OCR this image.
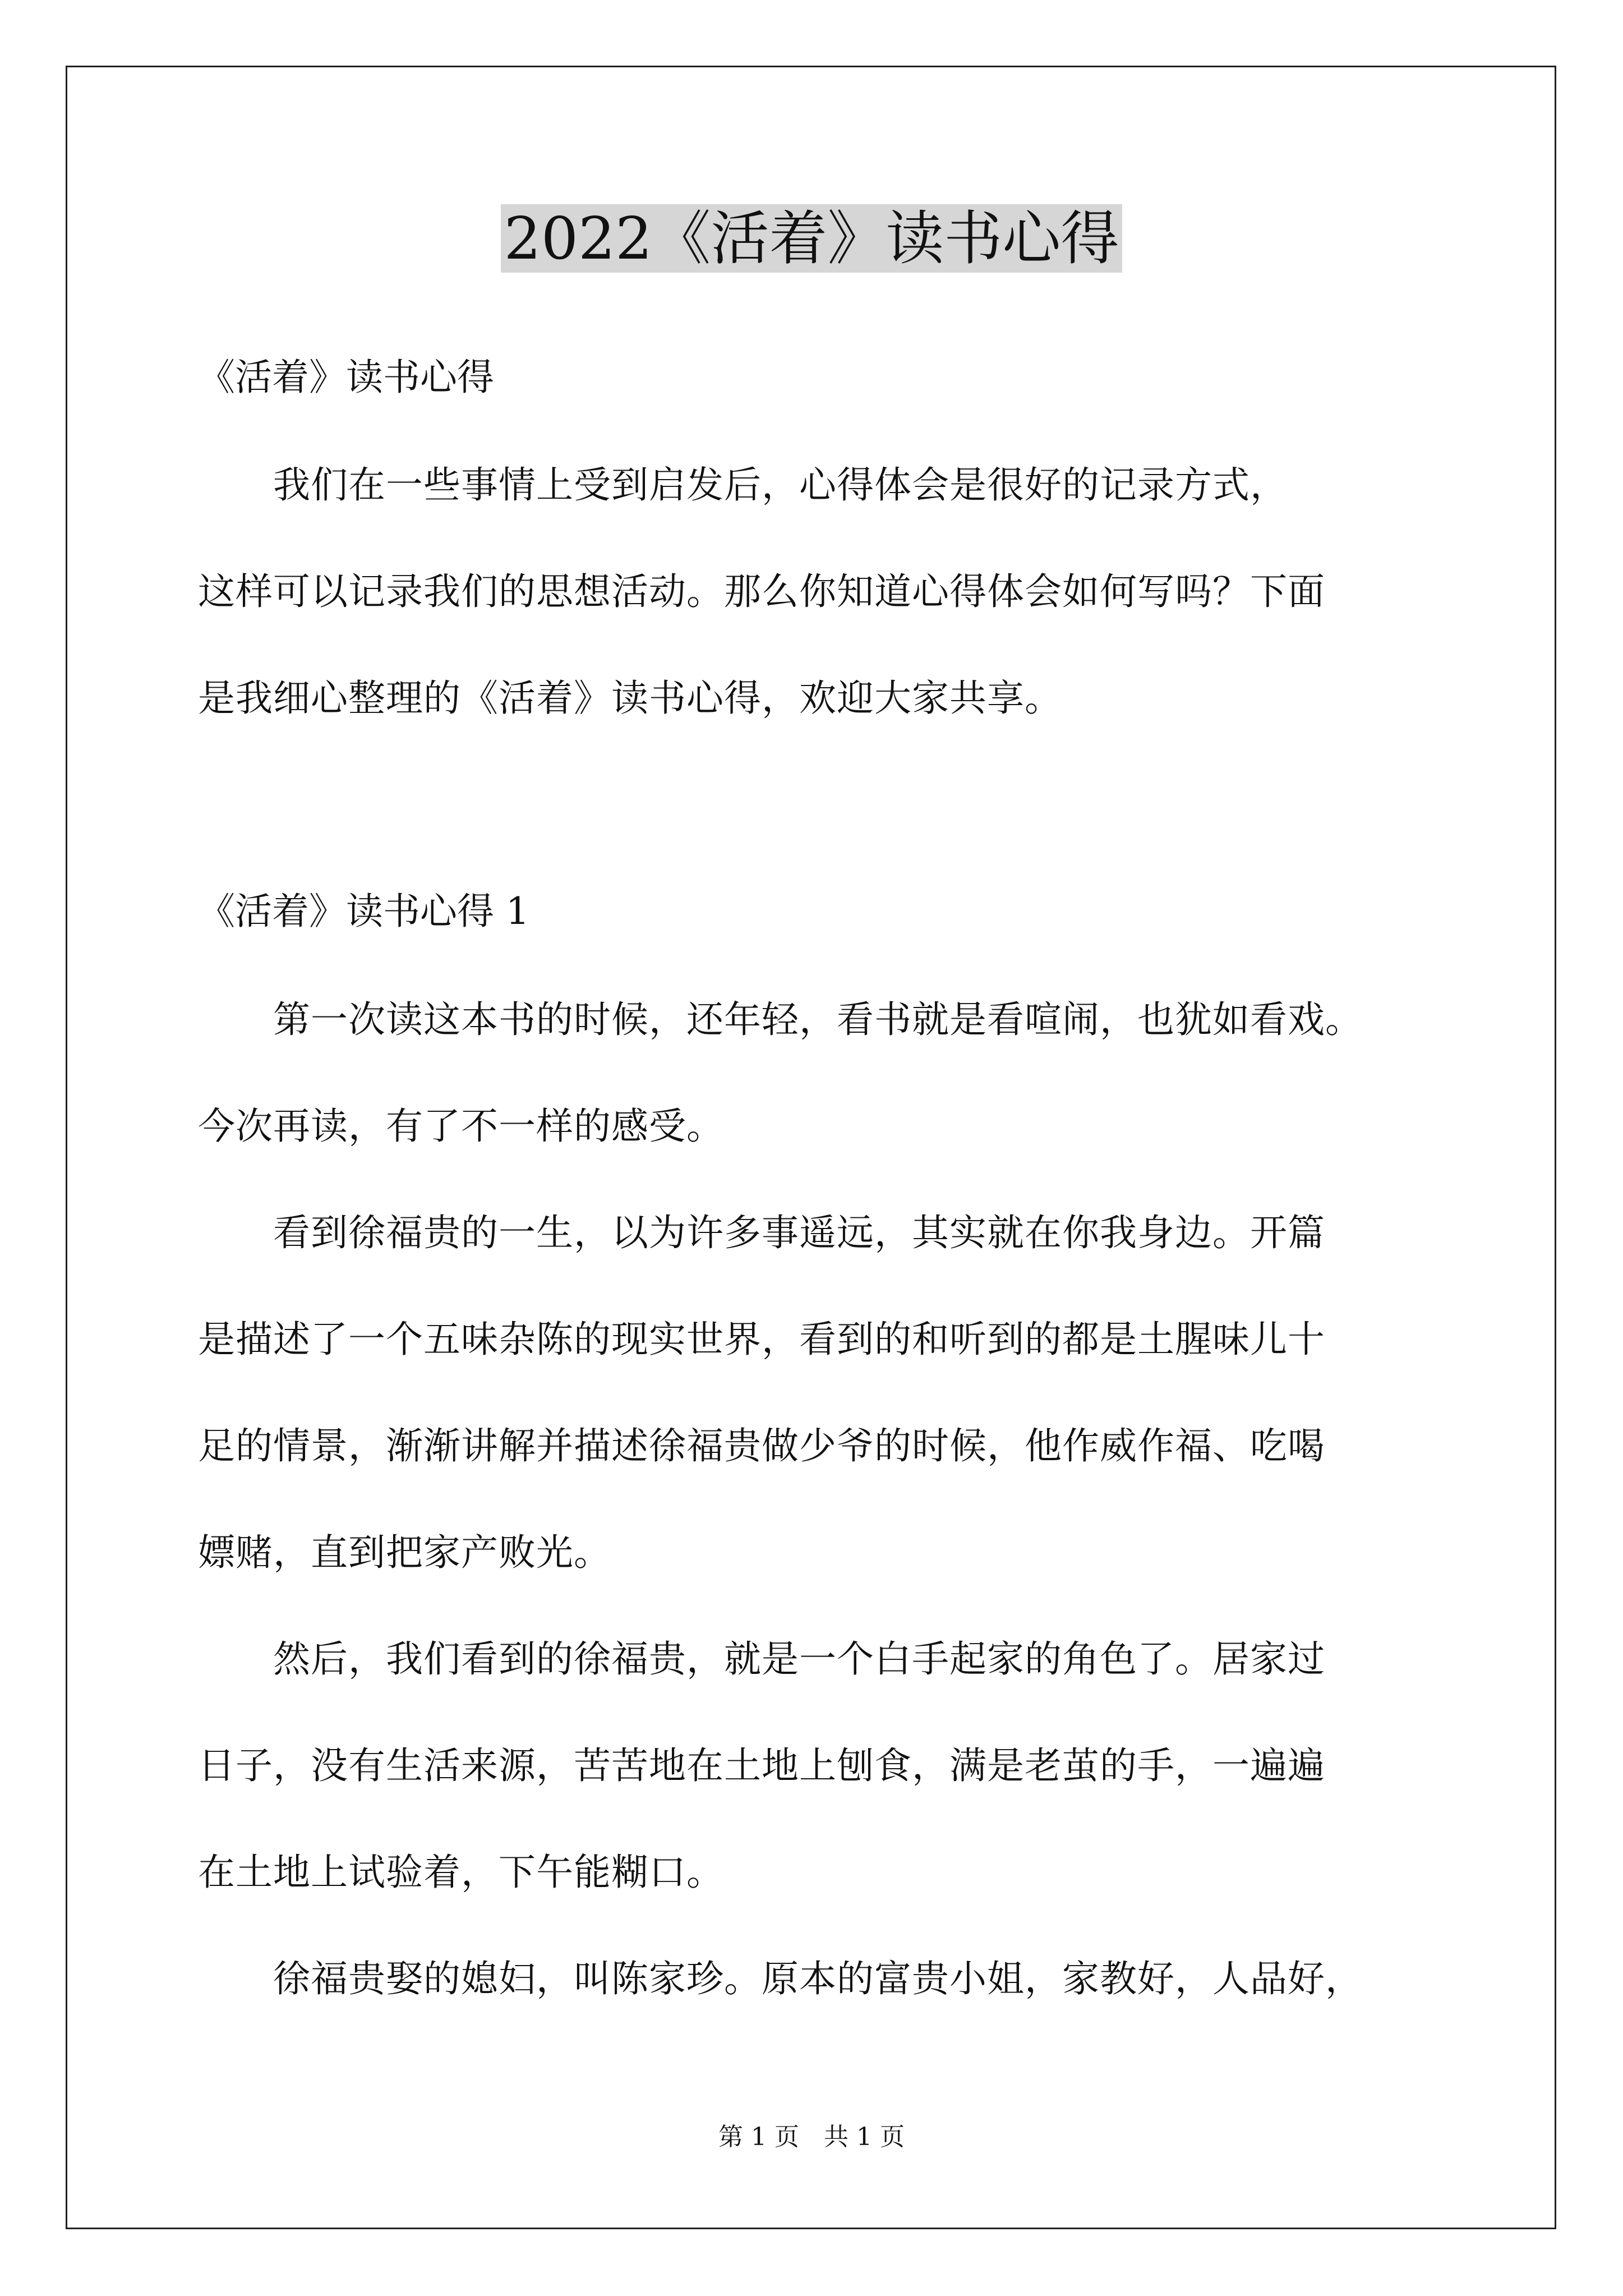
2022《活着》读书心得
《活着》读书心得
　　我们在一些事情上受到启发后，心得体会是很好的记录方式，
这样可以记录我们的思想活动。那么你知道心得体会如何写吗？下面
是我细心整理的《活着》读书心得，欢迎大家共享。
《活着》读书心得 1
　　第一次读这本书的时候，还年轻，看书就是看喧闹，也犹如看戏。
今次再读，有了不一样的感受。
　　看到徐福贵的一生，以为许多事遥远，其实就在你我身边。开篇
是描述了一个五味杂陈的现实世界，看到的和听到的都是土腥味儿十
足的情景，渐渐讲解并描述徐福贵做少爷的时候，他作威作福、吃喝
嫖赌，直到把家产败光。
　　然后，我们看到的徐福贵，就是一个白手起家的角色了。居家过
日子，没有生活来源，苦苦地在土地上刨食，满是老茧的手，一遍遍
在土地上试验着，下午能糊口。
　　徐福贵娶的媳妇，叫陈家珍。原本的富贵小姐，家教好，人品好，
第 1 页　共 1 页
